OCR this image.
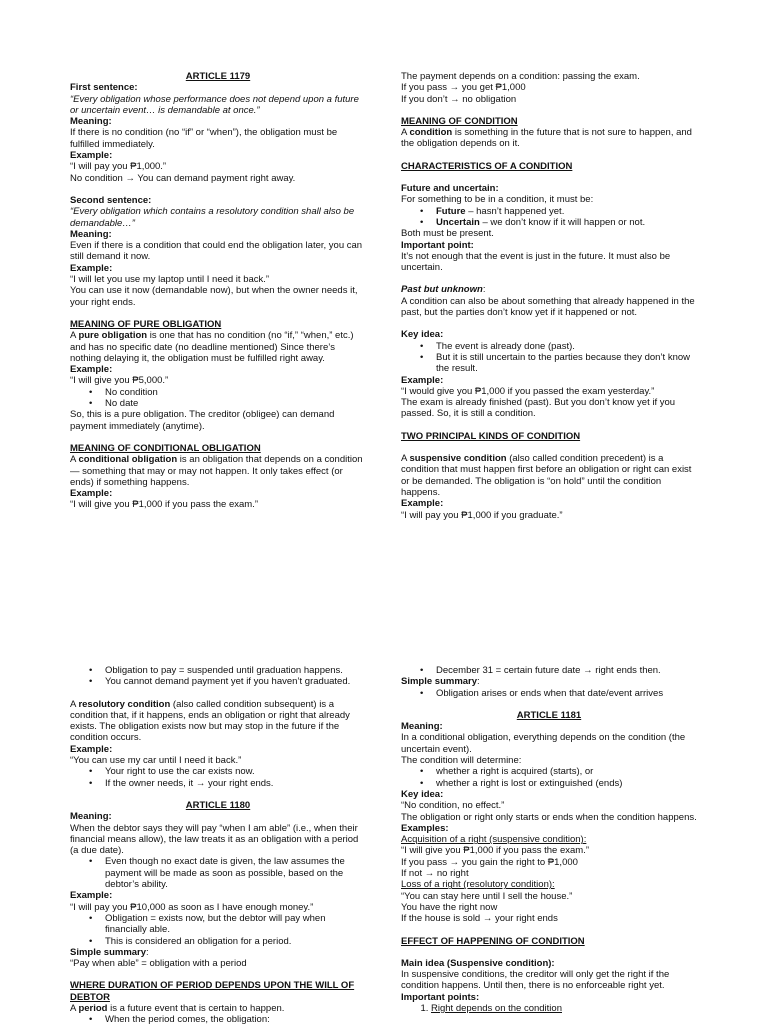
ARTICLE 1179

First sentence:

“Every obligation whose performance does not depend upon a future or uncertain event… is demandable at once.”

Meaning:

If there is no condition (no “if” or “when”), the obligation must be fulfilled immediately.

Example:

“I will pay you ₱1,000.”

No condition → You can demand payment right away.

Second sentence:

“Every obligation which contains a resolutory condition shall also be demandable…”

Meaning:

Even if there is a condition that could end the obligation later, you can still demand it now.

Example:

“I will let you use my laptop until I need it back.”

You can use it now (demandable now), but when the owner needs it, your right ends.

MEANING OF PURE OBLIGATION

A pure obligation is one that has no condition (no “if,” “when,” etc.) and has no specific date (no deadline mentioned) Since there’s nothing delaying it, the obligation must be fulfilled right away.

Example:

“I will give you ₱5,000.”

• No condition
• No date

So, this is a pure obligation. The creditor (obligee) can demand payment immediately (anytime).

MEANING OF CONDITIONAL OBLIGATION

A conditional obligation is an obligation that depends on a condition — something that may or may not happen. It only takes effect (or ends) if something happens.

Example:

“I will give you ₱1,000 if you pass the exam.”

The payment depends on a condition: passing the exam.

If you pass → you get ₱1,000

If you don’t → no obligation

MEANING OF CONDITION

A condition is something in the future that is not sure to happen, and the obligation depends on it.

CHARACTERISTICS OF A CONDITION

Future and uncertain:

For something to be in a condition, it must be:

• Future – hasn’t happened yet.
• Uncertain – we don’t know if it will happen or not.

Both must be present.

Important point:

It’s not enough that the event is just in the future. It must also be uncertain.

Past but unknown:

A condition can also be about something that already happened in the past, but the parties don’t know yet if it happened or not.

Key idea:

• The event is already done (past).
• But it is still uncertain to the parties because they don’t know the result.

Example:

“I would give you ₱1,000 if you passed the exam yesterday.”

The exam is already finished (past). But you don’t know yet if you passed. So, it is still a condition.

TWO PRINCIPAL KINDS OF CONDITION

A suspensive condition (also called condition precedent) is a condition that must happen first before an obligation or right can exist or be demanded. The obligation is “on hold” until the condition happens.

Example:

“I will pay you ₱1,000 if you graduate.”

• Obligation to pay = suspended until graduation happens.
• You cannot demand payment yet if you haven’t graduated.

A resolutory condition (also called condition subsequent) is a condition that, if it happens, ends an obligation or right that already exists. The obligation exists now but may stop in the future if the condition occurs.

Example:

“You can use my car until I need it back.”

• Your right to use the car exists now.
• If the owner needs, it → your right ends.

ARTICLE 1180

Meaning:

When the debtor says they will pay “when I am able” (i.e., when their financial means allow), the law treats it as an obligation with a period (a due date).

• Even though no exact date is given, the law assumes the payment will be made as soon as possible, based on the debtor’s ability.

Example:

“I will pay you ₱10,000 as soon as I have enough money.”

• Obligation = exists now, but the debtor will pay when financially able.
• This is considered an obligation for a period.

Simple summary:

“Pay when able” = obligation with a period

WHERE DURATION OF PERIOD DEPENDS UPON THE WILL OF DEBTOR

A period is a future event that is certain to happen.

• When the period comes, the obligation:
• December 31 = certain future date → right ends then.

Simple summary:

• Obligation arises or ends when that date/event arrives

ARTICLE 1181

Meaning:

In a conditional obligation, everything depends on the condition (the uncertain event).

The condition will determine:

• whether a right is acquired (starts), or
• whether a right is lost or extinguished (ends)

Key idea:

“No condition, no effect.”

The obligation or right only starts or ends when the condition happens.

Examples:

Acquisition of a right (suspensive condition):

“I will give you ₱1,000 if you pass the exam.”

If you pass → you gain the right to ₱1,000

If not → no right

Loss of a right (resolutory condition):

“You can stay here until I sell the house.”

You have the right now

If the house is sold → your right ends

EFFECT OF HAPPENING OF CONDITION

Main idea (Suspensive condition):

In suspensive conditions, the creditor will only get the right if the condition happens. Until then, there is no enforceable right yet.

Important points:

1. Right depends on the condition
